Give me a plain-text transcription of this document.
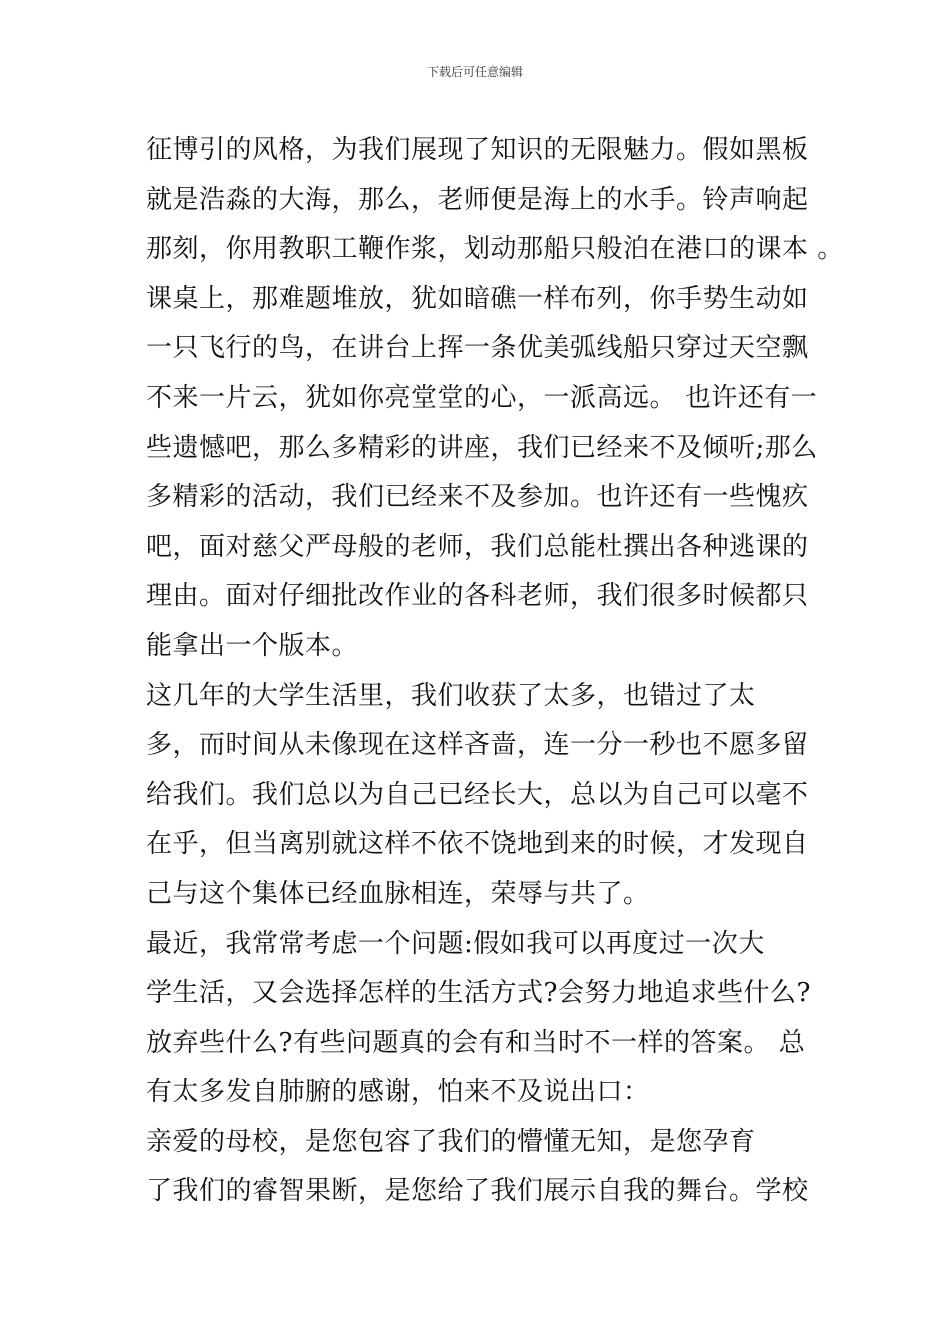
下载后可任意编辑
征博引的风格，为我们展现了知识的无限魅力。假如黑板
就是浩淼的大海，那么，老师便是海上的水手。铃声响起
那刻，你用教职工鞭作浆，划动那船只般泊在港口的课本 。
课桌上，那难题堆放，犹如暗礁一样布列，你手势生动如
一只飞行的鸟，在讲台上挥一条优美弧线船只穿过天空飘
不来一片云，犹如你亮堂堂的心，一派高远。 也许还有一
些遗憾吧，那么多精彩的讲座，我们已经来不及倾听;那么
多精彩的活动，我们已经来不及参加。也许还有一些愧疚
吧，面对慈父严母般的老师，我们总能杜撰出各种逃课的
理由。面对仔细批改作业的各科老师，我们很多时候都只
能拿出一个版本。
这几年的大学生活里，我们收获了太多，也错过了太
多，而时间从未像现在这样吝啬，连一分一秒也不愿多留
给我们。我们总以为自己已经长大，总以为自己可以毫不
在乎，但当离别就这样不依不饶地到来的时候，才发现自
己与这个集体已经血脉相连，荣辱与共了。
最近，我常常考虑一个问题:假如我可以再度过一次大
学生活，又会选择怎样的生活方式?会努力地追求些什么?
放弃些什么?有些问题真的会有和当时不一样的答案。 总
有太多发自肺腑的感谢，怕来不及说出口：
亲爱的母校，是您包容了我们的懵懂无知，是您孕育
了我们的睿智果断，是您给了我们展示自我的舞台。学校
